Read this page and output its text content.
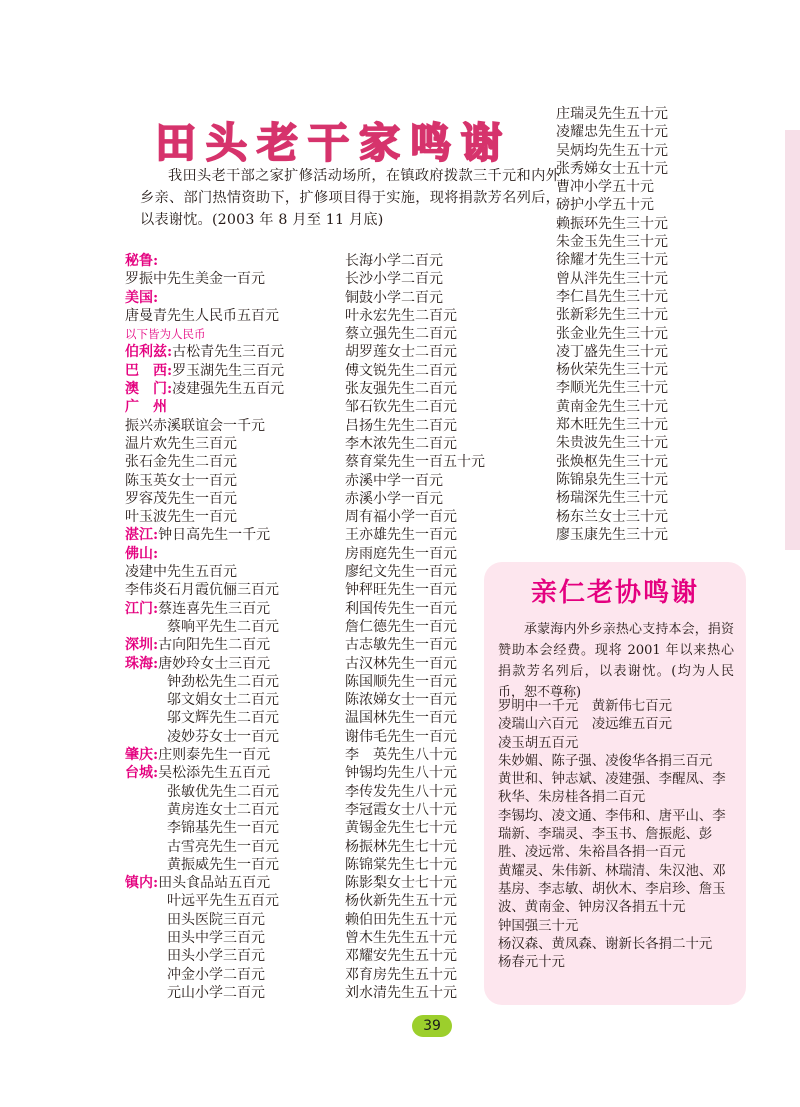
田头老干家鸣谢
我田头老干部之家扩修活动场所，在镇政府拨款三千元和内外乡亲、部门热情资助下，扩修项目得于实施，现将捐款芳名列后，以表谢忱。(2003 年 8 月至 11 月底)
秘鲁:
罗振中先生美金一百元
美国:
唐曼青先生人民币五百元
以下皆为人民币
伯利兹:古松青先生三百元
巴　西:罗玉湖先生三百元
澳　门:凌建强先生五百元
广　州
振兴赤溪联谊会一千元
温片欢先生三百元
张石金先生二百元
陈玉英女士一百元
罗容茂先生一百元
叶玉波先生一百元
湛江:钟日高先生一千元
佛山:
凌建中先生五百元
李伟炎石月霞伉俪三百元
江门:蔡连喜先生三百元
蔡响平先生二百元
深圳:古向阳先生二百元
珠海:唐妙玲女士三百元
钟劲松先生二百元
邬文娟女士二百元
邬文辉先生二百元
凌妙芬女士一百元
肇庆:庄则泰先生一百元
台城:吴松添先生五百元
张敏优先生二百元
黄房连女士二百元
李锦基先生一百元
古雪亮先生一百元
黄振威先生一百元
镇内:田头食品站五百元
叶远平先生五百元
田头医院三百元
田头中学三百元
田头小学三百元
冲金小学二百元
元山小学二百元
长海小学二百元
长沙小学二百元
铜鼓小学二百元
叶永宏先生二百元
蔡立强先生二百元
胡罗莲女士二百元
傅文锐先生二百元
张友强先生二百元
邹石钦先生二百元
吕扬生先生二百元
李木浓先生二百元
蔡育棠先生一百五十元
赤溪中学一百元
赤溪小学一百元
周有福小学一百元
王亦雄先生一百元
房雨庭先生一百元
廖纪文先生一百元
钟秤旺先生一百元
利国传先生一百元
詹仁德先生一百元
古志敏先生一百元
古汉林先生一百元
陈国顺先生一百元
陈浓娣女士一百元
温国林先生一百元
谢伟毛先生一百元
李　英先生八十元
钟锡均先生八十元
李传发先生八十元
李冠霞女士八十元
黄锡金先生七十元
杨振林先生七十元
陈锦棠先生七十元
陈影梨女士七十元
杨伙新先生五十元
赖伯田先生五十元
曾木生先生五十元
邓耀安先生五十元
邓育房先生五十元
刘水清先生五十元
庄瑞灵先生五十元
凌耀忠先生五十元
吴炳均先生五十元
张秀娣女士五十元
曹冲小学五十元
磅护小学五十元
赖振环先生三十元
朱金玉先生三十元
徐耀才先生三十元
曾从泮先生三十元
李仁昌先生三十元
张新彩先生三十元
张金业先生三十元
凌丁盛先生三十元
杨伙荣先生三十元
李顺光先生三十元
黄南金先生三十元
郑木旺先生三十元
朱贵波先生三十元
张焕枢先生三十元
陈锦泉先生三十元
杨瑞深先生三十元
杨东兰女士三十元
廖玉康先生三十元
亲仁老协鸣谢
承蒙海内外乡亲热心支持本会，捐资赞助本会经费。现将 2001 年以来热心捐款芳名列后，以表谢忱。(均为人民币，恕不尊称)
罗明中一千元　黄新伟七百元
凌瑞山六百元　凌远维五百元
凌玉胡五百元
朱妙媚、陈子强、凌俊华各捐三百元
黄世和、钟志斌、凌建强、李醒凤、李
秋华、朱房桂各捐二百元
李锡均、凌文通、李伟和、唐平山、李
瑞新、李瑞灵、李玉书、詹振彪、彭
胜、凌远常、朱裕昌各捐一百元
黄耀灵、朱伟新、林瑞清、朱汉池、邓
基房、李志敏、胡伙木、李启珍、詹玉
波、黄南金、钟房汉各捐五十元
钟国强三十元
杨汉森、黄凤森、谢新长各捐二十元
杨春元十元
39
